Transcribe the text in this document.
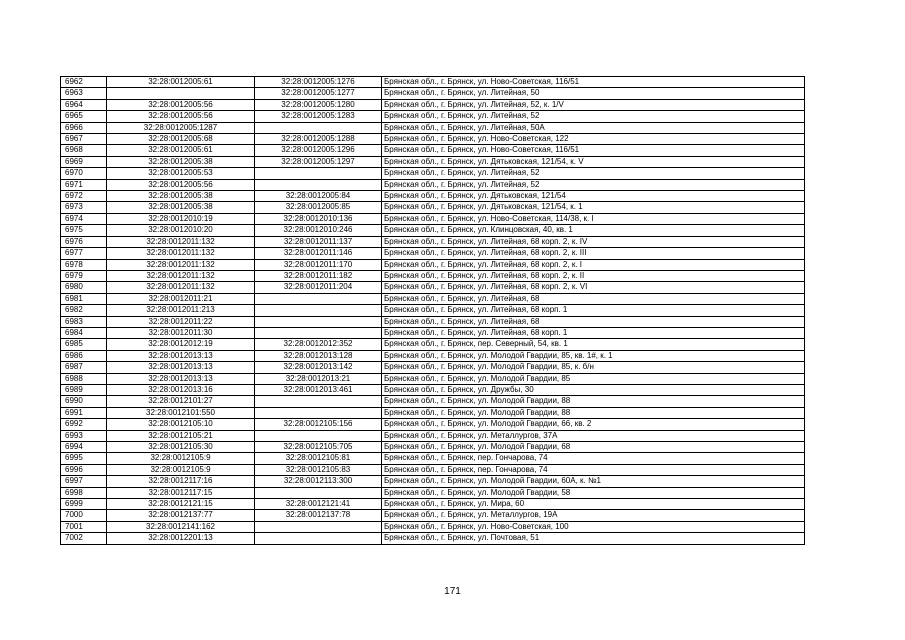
6962	32:28:0012005:61	32:28:0012005:1276	Брянская обл., г. Брянск, ул. Ново-Советская, 116/51
6963		32:28:0012005:1277	Брянская обл., г. Брянск, ул. Литейная, 50
6964	32:28:0012005:56	32:28:0012005:1280	Брянская обл., г. Брянск, ул. Литейная, 52, к. 1/V
6965	32:28:0012005:56	32:28:0012005:1283	Брянская обл., г. Брянск, ул. Литейная, 52
6966	32:28:0012005:1287		Брянская обл., г. Брянск, ул. Литейная, 50А
6967	32:28:0012005:68	32:28:0012005:1288	Брянская обл., г. Брянск, ул. Ново-Советская, 122
6968	32:28:0012005:61	32:28:0012005:1296	Брянская обл., г. Брянск, ул. Ново-Советская, 116/51
6969	32:28:0012005:38	32:28:0012005:1297	Брянская обл., г. Брянск, ул. Дятьковская, 121/54, к. V
6970	32:28:0012005:53		Брянская обл., г. Брянск, ул. Литейная, 52
6971	32:28:0012005:56		Брянская обл., г. Брянск, ул. Литейная, 52
6972	32:28:0012005:38	32:28:0012005:84	Брянская обл., г. Брянск, ул. Дятьковская, 121/54
6973	32:28:0012005:38	32:28:0012005:85	Брянская обл., г. Брянск, ул. Дятьковская, 121/54, к. 1
6974	32:28:0012010:19	32:28:0012010:136	Брянская обл., г. Брянск, ул. Ново-Советская, 114/38, к. I
6975	32:28:0012010:20	32:28:0012010:246	Брянская обл., г. Брянск, ул. Клинцовская, 40, кв. 1
6976	32:28:0012011:132	32:28:0012011:137	Брянская обл., г. Брянск, ул. Литейная, 68 корп. 2, к. IV
6977	32:28:0012011:132	32:28:0012011:146	Брянская обл., г. Брянск, ул. Литейная, 68 корп. 2, к. III
6978	32:28:0012011:132	32:28:0012011:170	Брянская обл., г. Брянск, ул. Литейная, 68 корп. 2, к. I
6979	32:28:0012011:132	32:28:0012011:182	Брянская обл., г. Брянск, ул. Литейная, 68 корп. 2, к. II
6980	32:28:0012011:132	32:28:0012011:204	Брянская обл., г. Брянск, ул. Литейная, 68 корп. 2, к. VI
6981	32:28:0012011:21		Брянская обл., г. Брянск, ул. Литейная, 68
6982	32:28:0012011:213		Брянская обл., г. Брянск, ул. Литейная, 68 корп. 1
6983	32:28:0012011:22		Брянская обл., г. Брянск, ул. Литейная, 68
6984	32:28:0012011:30		Брянская обл., г. Брянск, ул. Литейная, 68 корп. 1
6985	32:28:0012012:19	32:28:0012012:352	Брянская обл., г. Брянск, пер. Северный, 54, кв. 1
6986	32:28:0012013:13	32:28:0012013:128	Брянская обл., г. Брянск, ул. Молодой Гвардии, 85, кв. 1#, к. 1
6987	32:28:0012013:13	32:28:0012013:142	Брянская обл., г. Брянск, ул. Молодой Гвардии, 85, к. б/н
6988	32:28:0012013:13	32:28:0012013:21	Брянская обл., г. Брянск, ул. Молодой Гвардии, 85
6989	32:28:0012013:16	32:28:0012013:461	Брянская обл., г. Брянск, ул. Дружбы, 30
6990	32:28:0012101:27		Брянская обл., г. Брянск, ул. Молодой Гвардии, 88
6991	32:28:0012101:550		Брянская обл., г. Брянск, ул. Молодой Гвардии, 88
6992	32:28:0012105:10	32:28:0012105:156	Брянская обл., г. Брянск, ул. Молодой Гвардии, 66, кв. 2
6993	32:28:0012105:21		Брянская обл., г. Брянск, ул. Металлургов, 37А
6994	32:28:0012105:30	32:28:0012105:705	Брянская обл., г. Брянск, ул. Молодой Гвардии, 68
6995	32:28:0012105:9	32:28:0012105:81	Брянская обл., г. Брянск, пер. Гончарова, 74
6996	32:28:0012105:9	32:28:0012105:83	Брянская обл., г. Брянск, пер. Гончарова, 74
6997	32:28:0012117:16	32:28:0012113:300	Брянская обл., г. Брянск, ул. Молодой Гвардии, 60А, к. №1
6998	32:28:0012117:15		Брянская обл., г. Брянск, ул. Молодой Гвардии, 58
6999	32:28:0012121:15	32:28:0012121:41	Брянская обл., г. Брянск, ул. Мира, 60
7000	32:28:0012137:77	32:28:0012137:78	Брянская обл., г. Брянск, ул. Металлургов, 19А
7001	32:28:0012141:162		Брянская обл., г. Брянск, ул. Ново-Советская, 100
7002	32:28:0012201:13		Брянская обл., г. Брянск, ул. Почтовая, 51
171
